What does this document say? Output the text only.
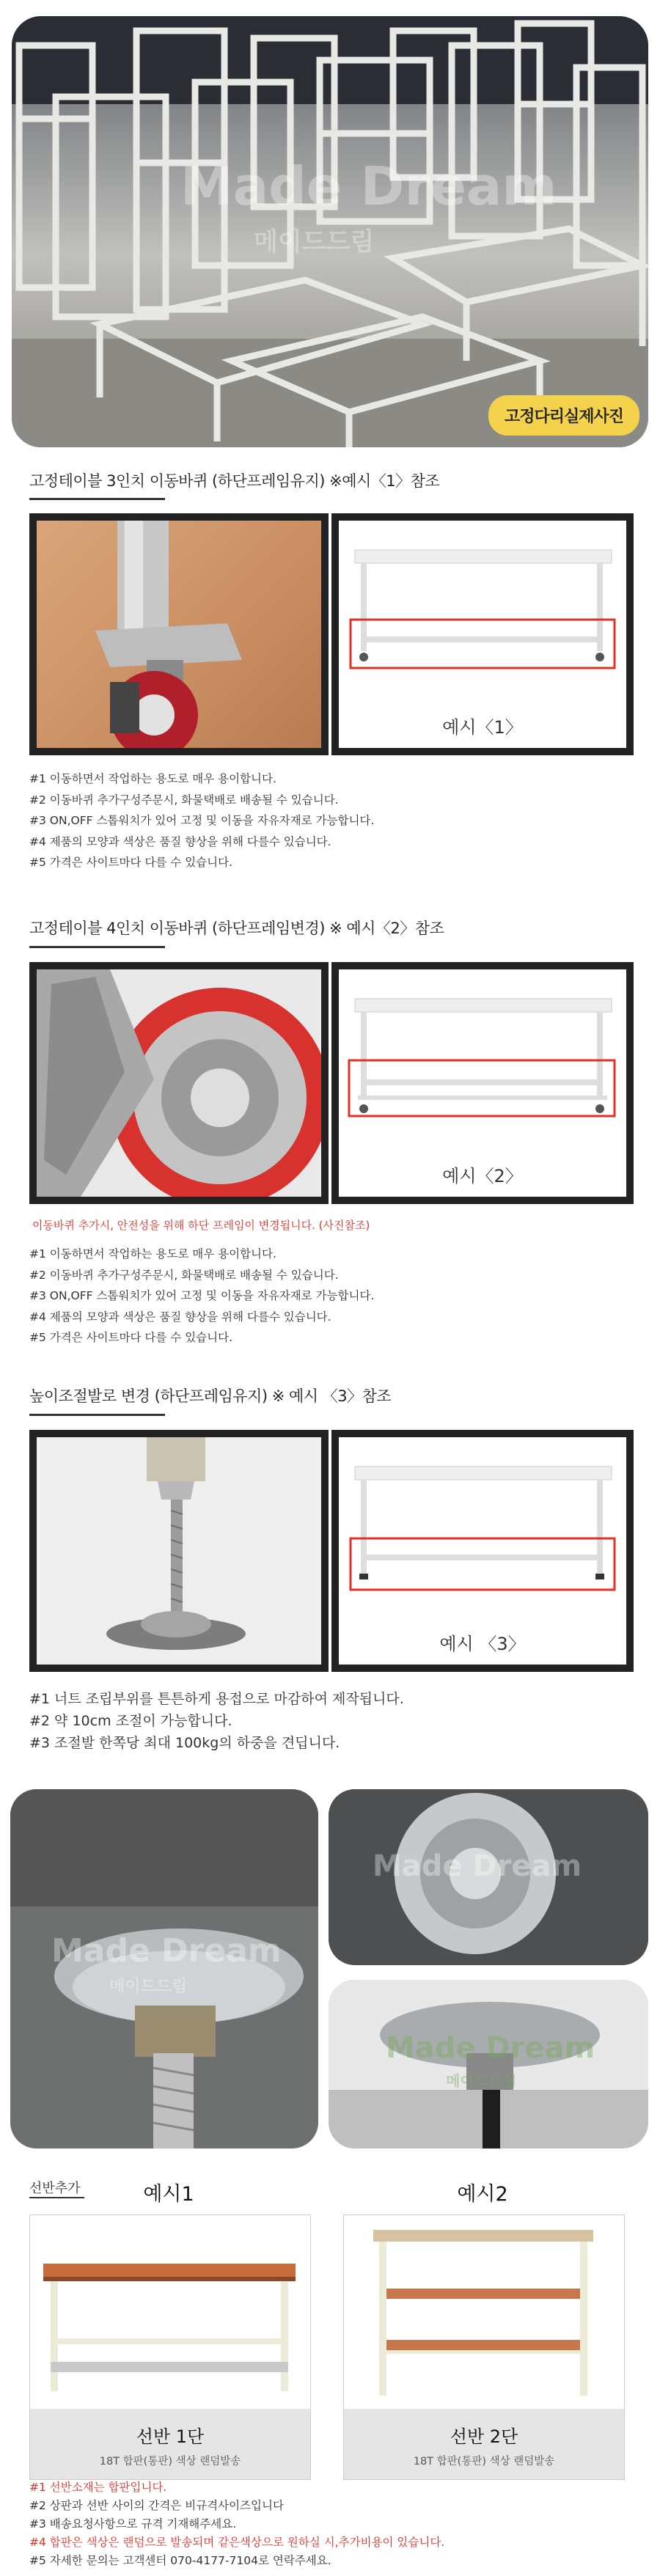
Made Dream
메이드드림
고정다리실제사진
고정테이블 3인치 이동바퀴 (하단프레임유지) ※예시〈1〉참조
예시〈1〉
#1 이동하면서 작업하는 용도로 매우 용이합니다.
#2 이동바퀴 추가구성주문시, 화물택배로 배송될 수 있습니다.
#3 ON,OFF 스톱워치가 있어 고정 및 이동을 자유자재로 가능합니다.
#4 제품의 모양과 색상은 품질 향상을 위해 다를수 있습니다.
#5 가격은 사이트마다 다를 수 있습니다.
고정테이블 4인치 이동바퀴 (하단프레임변경) ※ 예시〈2〉참조
예시〈2〉
이동바퀴 추가시, 안전성을 위해 하단 프레임이 변경됩니다. (사진참조)
#1 이동하면서 작업하는 용도로 매우 용이합니다.
#2 이동바퀴 추가구성주문시, 화물택배로 배송될 수 있습니다.
#3 ON,OFF 스톱워치가 있어 고정 및 이동을 자유자재로 가능합니다.
#4 제품의 모양과 색상은 품질 향상을 위해 다를수 있습니다.
#5 가격은 사이트마다 다를 수 있습니다.
높이조절발로 변경 (하단프레임유지) ※ 예시 〈3〉참조
예시 〈3〉
#1 너트 조립부위를 튼튼하게 용접으로 마감하여 제작됩니다.
#2 약 10cm 조절이 가능합니다.
#3 조절발 한쪽당 최대 100kg의 하중을 견딥니다.
Made Dream
메이드드림
Made Dream
Made Dream
메이드드림
선반추가	예시1	예시2
선반 1단
18T 합판(통판) 색상 랜덤발송
선반 2단
18T 합판(통판) 색상 랜덤발송
#1 선반소재는 합판입니다.
#2 상판과 선반 사이의 간격은 비규격사이즈입니다
#3 배송요청사항으로 규격 기재해주세요.
#4 합판은 색상은 랜덤으로 발송되며 같은색상으로 원하실 시,추가비용이 있습니다.
#5 자세한 문의는 고객센터 070-4177-7104로 연락주세요.
